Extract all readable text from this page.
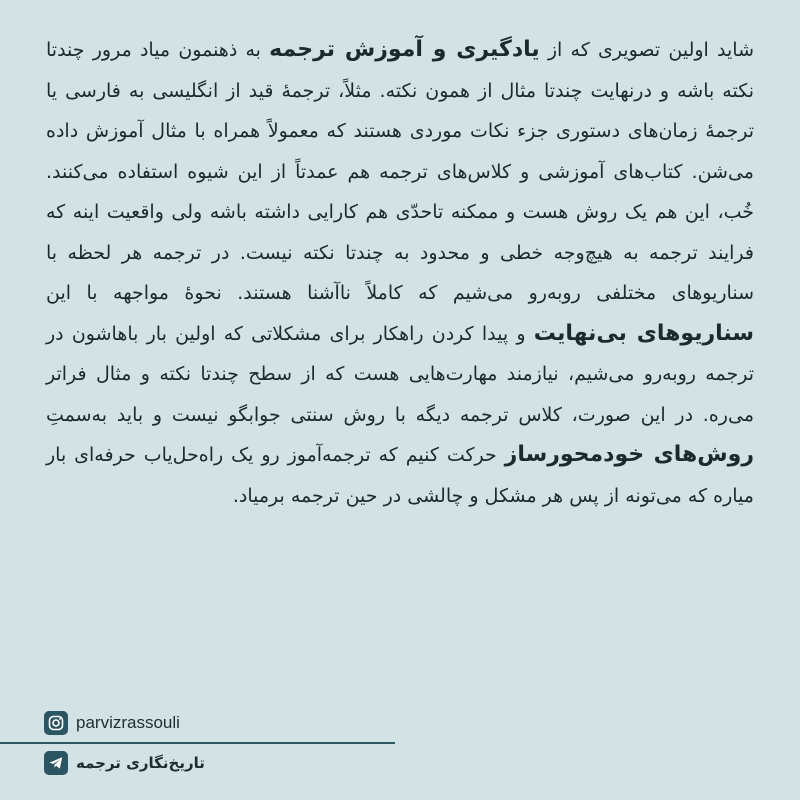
شاید اولین تصویری که از یادگیری و آموزش ترجمه به ذهنمون میاد مرور چندتا نکته باشه و درنهایت چندتا مثال از همون نکته. مثلاً، ترجمهٔ قید از انگلیسی به فارسی یا ترجمهٔ زمان‌های دستوری جزء نکات موردی هستند که معمولاً همراه با مثال آموزش داده می‌شن. کتاب‌های آموزشی و کلاس‌های ترجمه هم عمدتاً از این شیوه استفاده می‌کنند. خُب، این هم یک روش هست و ممکنه تاحدّی هم کارایی داشته باشه ولی واقعیت اینه که فرایند ترجمه به هیچ‌وجه خطی و محدود به چندتا نکته نیست. در ترجمه هر لحظه با سناریوهای مختلفی روبه‌رو می‌شیم که کاملاً ناآشنا هستند. نحوهٔ مواجهه با این سناریوهای بی‌نهایت و پیدا کردن راهکار برای مشکلاتی که اولین بار باهاشون در ترجمه روبه‌رو می‌شیم، نیازمند مهارت‌هایی هست که از سطح چندتا نکته و مثال فراتر می‌ره. در این صورت، کلاس ترجمه دیگه با روش سنتی جوابگو نیست و باید به‌سمتِ روش‌های خودمحورساز حرکت کنیم که ترجمه‌آموز رو یک راه‌حل‌یاب حرفه‌ای بار میاره که می‌تونه از پس هر مشکل و چالشی در حین ترجمه برمیاد.

parvizrassouli
تاریخ‌نگاری ترجمه
